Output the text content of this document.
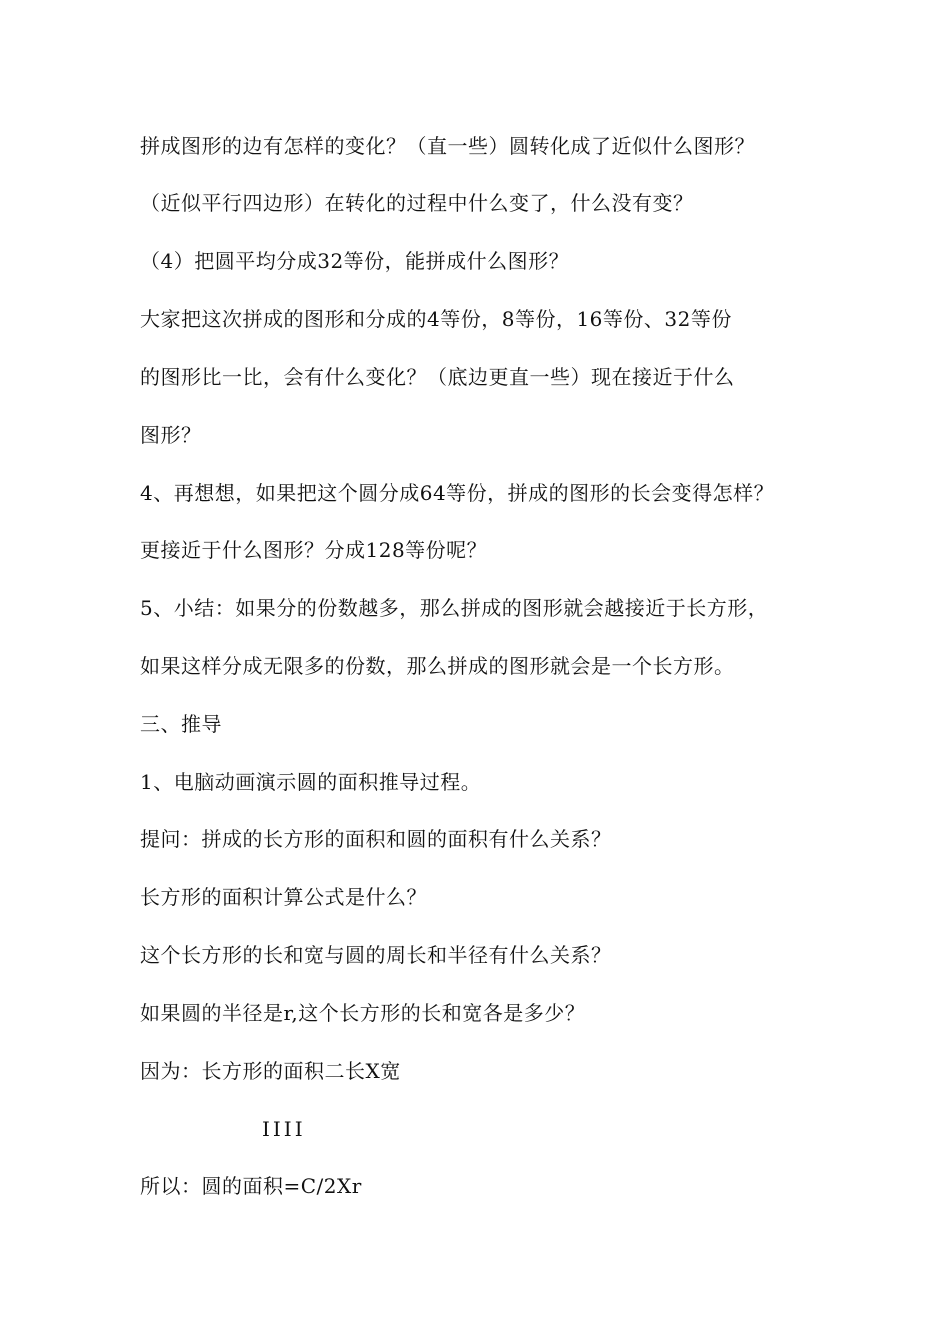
拼成图形的边有怎样的变化？（直一些）圆转化成了近似什么图形？
（近似平行四边形）在转化的过程中什么变了，什么没有变？
（4）把圆平均分成32等份，能拼成什么图形？
大家把这次拼成的图形和分成的4等份，8等份，16等份、32等份
的图形比一比，会有什么变化？（底边更直一些）现在接近于什么
图形？
4、再想想，如果把这个圆分成64等份，拼成的图形的长会变得怎样？
更接近于什么图形？分成128等份呢？
5、小结：如果分的份数越多，那么拼成的图形就会越接近于长方形，
如果这样分成无限多的份数，那么拼成的图形就会是一个长方形。
三、推导
1、电脑动画演示圆的面积推导过程。
提问：拼成的长方形的面积和圆的面积有什么关系？
长方形的面积计算公式是什么？
这个长方形的长和宽与圆的周长和半径有什么关系？
如果圆的半径是r,这个长方形的长和宽各是多少？
因为：长方形的面积二长X宽
IIII
所以：圆的面积=C/2Xr
